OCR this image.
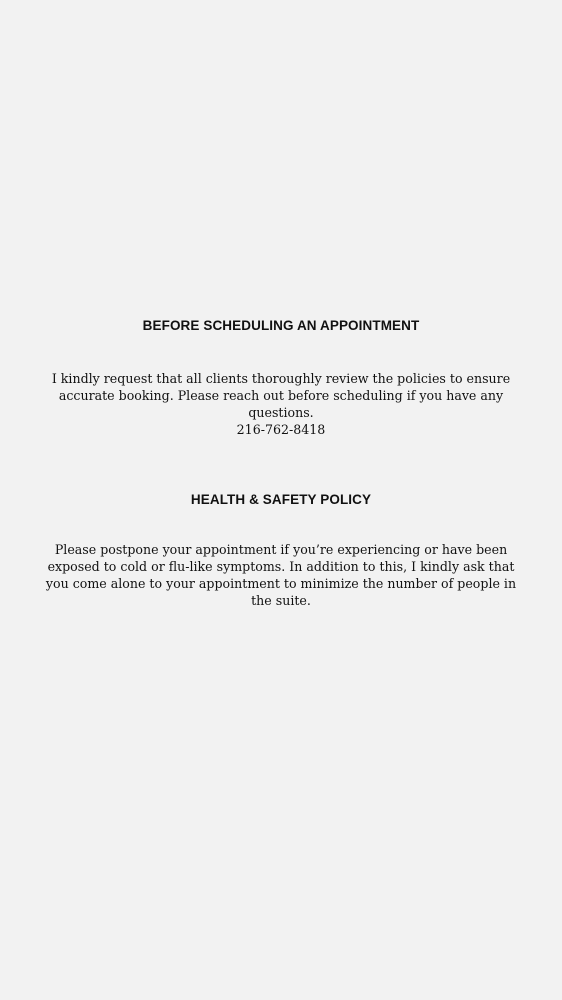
BEFORE SCHEDULING AN APPOINTMENT

I kindly request that all clients thoroughly review the policies to ensure
accurate booking. Please reach out before scheduling if you have any
questions.
216-762-8418

HEALTH & SAFETY POLICY

Please postpone your appointment if you’re experiencing or have been
exposed to cold or flu-like symptoms. In addition to this, I kindly ask that
you come alone to your appointment to minimize the number of people in
the suite.
